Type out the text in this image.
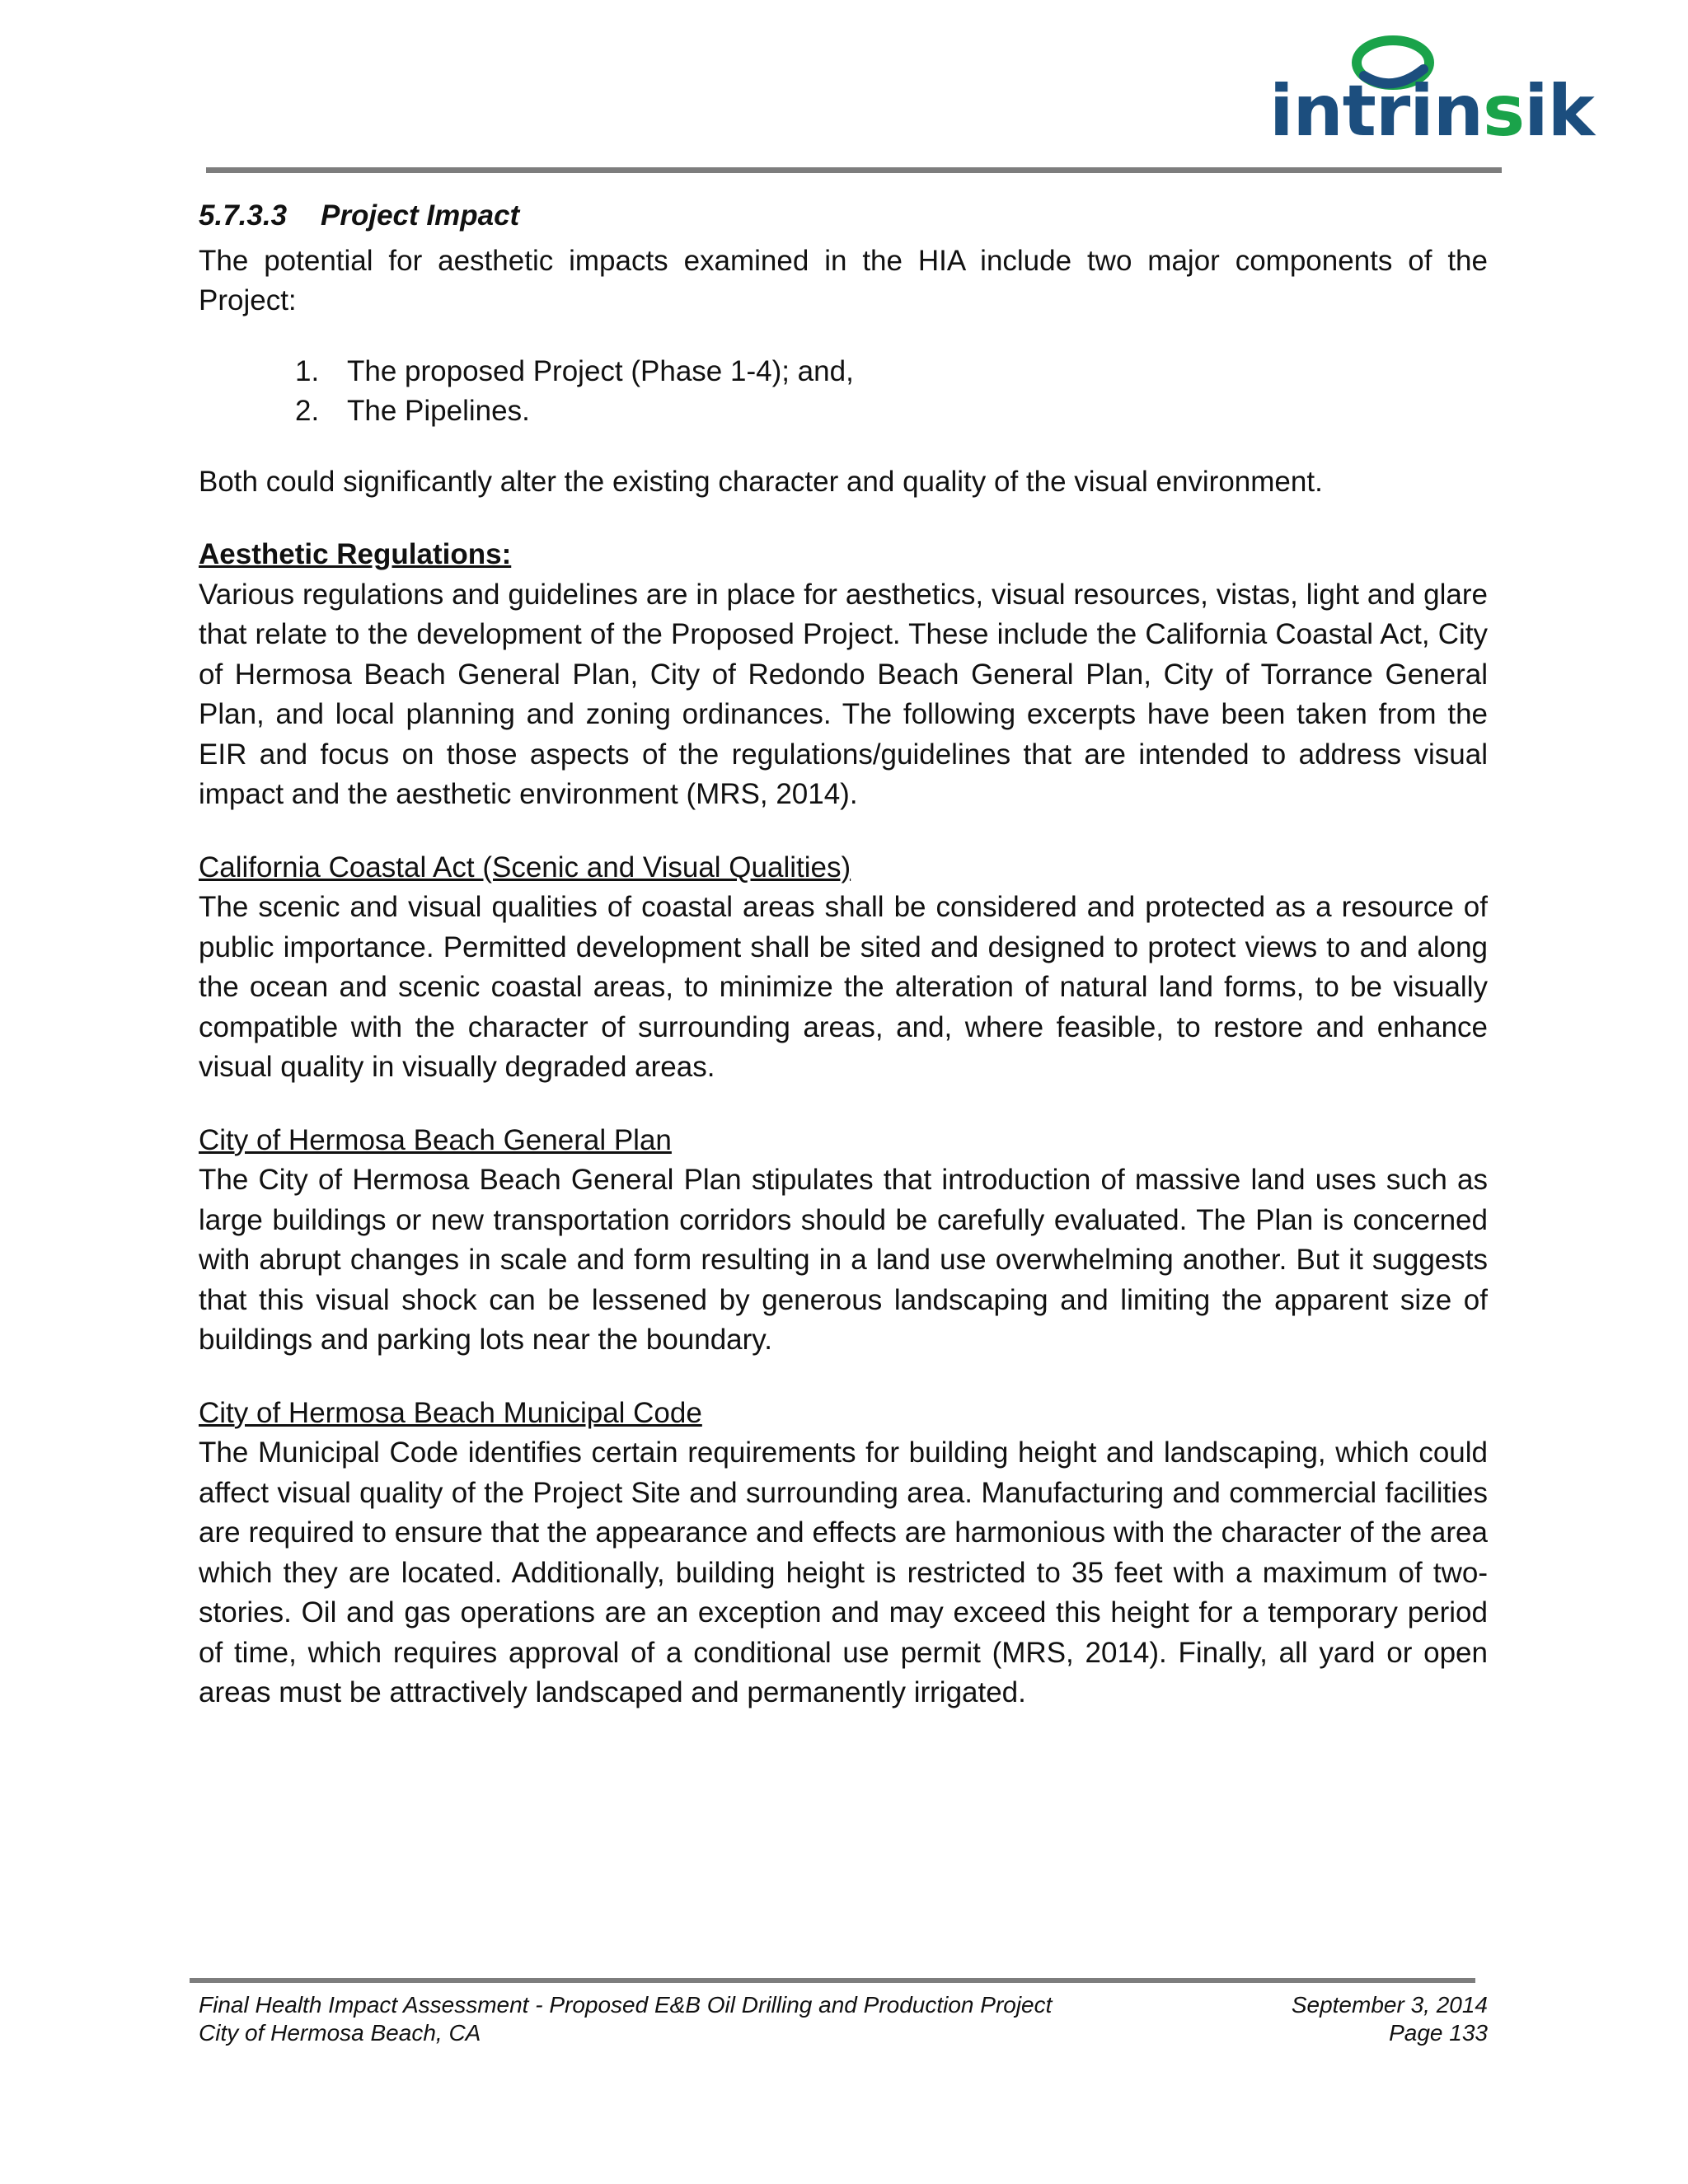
intrinsik
5.7.3.3 Project Impact

The potential for aesthetic impacts examined in the HIA include two major components of the Project:

1. The proposed Project (Phase 1-4); and,
2. The Pipelines.

Both could significantly alter the existing character and quality of the visual environment.

Aesthetic Regulations:

Various regulations and guidelines are in place for aesthetics, visual resources, vistas, light and glare that relate to the development of the Proposed Project. These include the California Coastal Act, City of Hermosa Beach General Plan, City of Redondo Beach General Plan, City of Torrance General Plan, and local planning and zoning ordinances. The following excerpts have been taken from the EIR and focus on those aspects of the regulations/guidelines that are intended to address visual impact and the aesthetic environment (MRS, 2014).

California Coastal Act (Scenic and Visual Qualities)

The scenic and visual qualities of coastal areas shall be considered and protected as a resource of public importance. Permitted development shall be sited and designed to protect views to and along the ocean and scenic coastal areas, to minimize the alteration of natural land forms, to be visually compatible with the character of surrounding areas, and, where feasible, to restore and enhance visual quality in visually degraded areas.

City of Hermosa Beach General Plan

The City of Hermosa Beach General Plan stipulates that introduction of massive land uses such as large buildings or new transportation corridors should be carefully evaluated. The Plan is concerned with abrupt changes in scale and form resulting in a land use overwhelming another. But it suggests that this visual shock can be lessened by generous landscaping and limiting the apparent size of buildings and parking lots near the boundary.

City of Hermosa Beach Municipal Code

The Municipal Code identifies certain requirements for building height and landscaping, which could affect visual quality of the Project Site and surrounding area. Manufacturing and commercial facilities are required to ensure that the appearance and effects are harmonious with the character of the area which they are located. Additionally, building height is restricted to 35 feet with a maximum of two-stories. Oil and gas operations are an exception and may exceed this height for a temporary period of time, which requires approval of a conditional use permit (MRS, 2014). Finally, all yard or open areas must be attractively landscaped and permanently irrigated.

Final Health Impact Assessment - Proposed E&B Oil Drilling and Production Project	September 3, 2014
City of Hermosa Beach, CA	Page 133
